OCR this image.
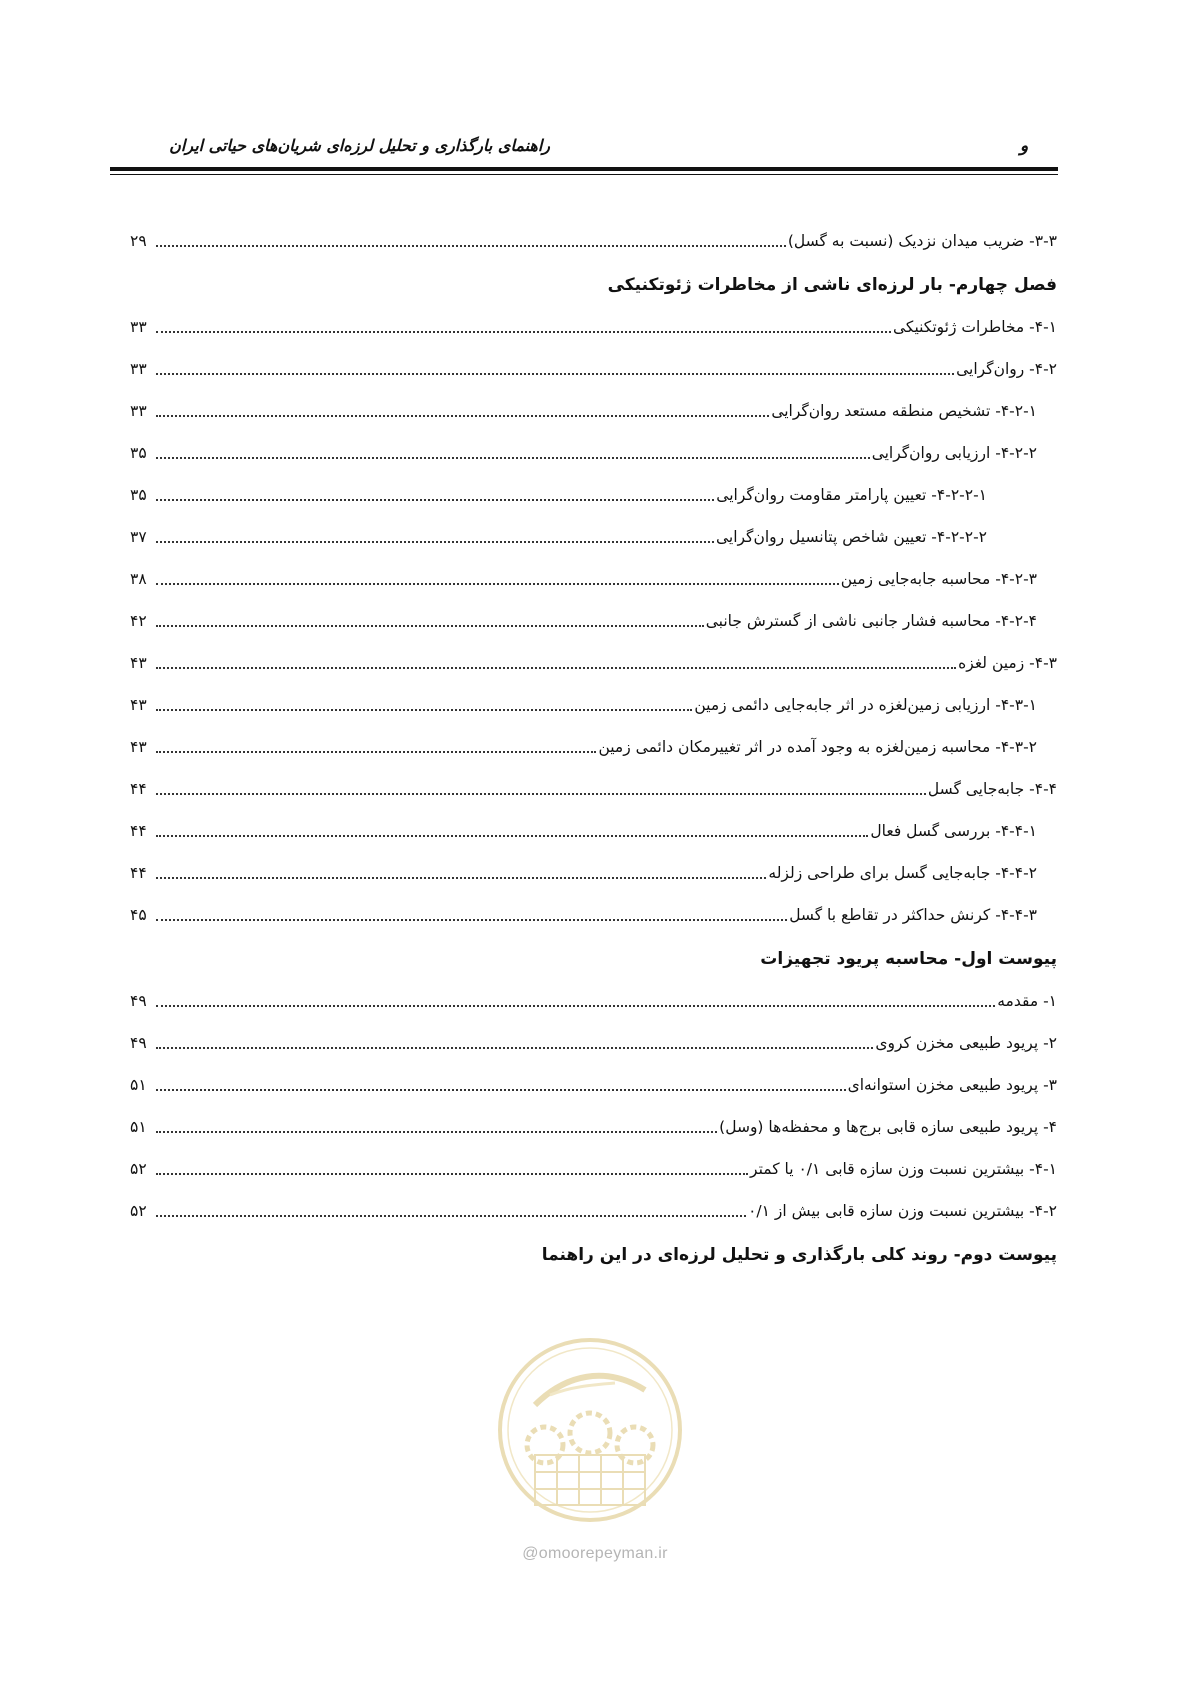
و
راهنمای بارگذاری و تحلیل لرزه‌ای شریان‌های حیاتی ایران
۳-۳- ضریب میدان نزدیک (نسبت به گسل)
۲۹
فصل چهارم- بار لرزه‌ای ناشی از مخاطرات ژئوتکنیکی
۴-۱- مخاطرات ژئوتکنیکی
۳۳
۴-۲- روان‌گرایی
۳۳
۴-۲-۱- تشخیص منطقه مستعد روان‌گرایی
۳۳
۴-۲-۲- ارزیابی روان‌گرایی
۳۵
۴-۲-۲-۱- تعیین پارامتر مقاومت روان‌گرایی
۳۵
۴-۲-۲-۲- تعیین شاخص پتانسیل روان‌گرایی
۳۷
۴-۲-۳- محاسبه جابه‌جایی زمین
۳۸
۴-۲-۴- محاسبه فشار جانبی ناشی از گسترش جانبی
۴۲
۴-۳- زمین لغزه
۴۳
۴-۳-۱- ارزیابی زمین‌لغزه در اثر جابه‌جایی دائمی زمین
۴۳
۴-۳-۲- محاسبه زمین‌لغزه به وجود آمده در اثر تغییرمکان دائمی زمین
۴۳
۴-۴- جابه‌جایی گسل
۴۴
۴-۴-۱- بررسی گسل فعال
۴۴
۴-۴-۲- جابه‌جایی گسل برای طراحی زلزله
۴۴
۴-۴-۳- کرنش حداکثر در تقاطع با گسل
۴۵
پیوست اول- محاسبه پریود تجهیزات
۱- مقدمه
۴۹
۲- پریود طبیعی مخزن کروی
۴۹
۳- پریود طبیعی مخزن استوانه‌ای
۵۱
۴- پریود طبیعی سازه قابی برج‌ها و محفظه‌ها (وسل)
۵۱
۴-۱- بیشترین نسبت وزن سازه قابی ۰/۱ یا کمتر
۵۲
۴-۲- بیشترین نسبت وزن سازه قابی بیش از ۰/۱
۵۲
پیوست دوم- روند کلی بارگذاری و تحلیل لرزه‌ای در این راهنما
@omoorepeyman.ir
